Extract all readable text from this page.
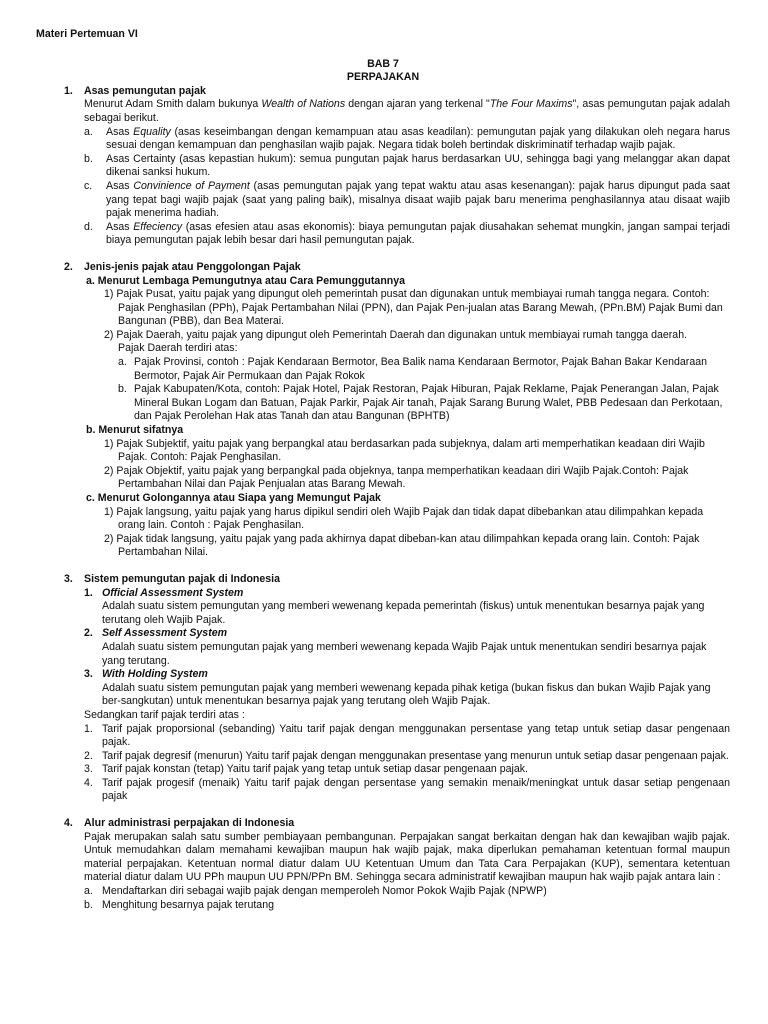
Materi Pertemuan VI
BAB 7
PERPAJAKAN
1.	Asas pemungutan pajak

Menurut Adam Smith dalam bukunya Wealth of Nations dengan ajaran yang terkenal "The Four Maxims", asas pemungutan pajak adalah sebagai berikut.

a.	Asas Equality (asas keseimbangan dengan kemampuan atau asas keadilan): pemungutan pajak yang dilakukan oleh negara harus sesuai dengan kemampuan dan penghasilan wajib pajak. Negara tidak boleh bertindak diskriminatif terhadap wajib pajak.
b.	Asas Certainty (asas kepastian hukum): semua pungutan pajak harus berdasarkan UU, sehingga bagi yang melanggar akan dapat dikenai sanksi hukum.
c.	Asas Convinience of Payment (asas pemungutan pajak yang tepat waktu atau asas kesenangan): pajak harus dipungut pada saat yang tepat bagi wajib pajak (saat yang paling baik), misalnya disaat wajib pajak baru menerima penghasilannya atau disaat wajib pajak menerima hadiah.
d.	Asas Effeciency (asas efesien atau asas ekonomis): biaya pemungutan pajak diusahakan sehemat mungkin, jangan sampai terjadi biaya pemungutan pajak lebih besar dari hasil pemungutan pajak.
2.	Jenis-jenis pajak atau Penggolongan Pajak
a. Menurut Lembaga Pemungutnya atau Cara Pemunggutannya
1) Pajak Pusat, yaitu pajak yang dipungut oleh pemerintah pusat dan digunakan untuk membiayai rumah tangga negara. Contoh: Pajak Penghasilan (PPh), Pajak Pertambahan Nilai (PPN), dan Pajak Pen-jualan atas Barang Mewah, (PPn.BM) Pajak Bumi dan Bangunan (PBB), dan Bea Materai.
2) Pajak Daerah, yaitu pajak yang dipungut oleh Pemerintah Daerah dan digunakan untuk membiayai rumah tangga daerah.
Pajak Daerah terdiri atas:
a. Pajak Provinsi, contoh : Pajak Kendaraan Bermotor, Bea Balik nama Kendaraan Bermotor, Pajak Bahan Bakar Kendaraan Bermotor, Pajak Air Permukaan dan Pajak Rokok
b. Pajak Kabupaten/Kota, contoh: Pajak Hotel, Pajak Restoran, Pajak Hiburan, Pajak Reklame, Pajak Penerangan Jalan, Pajak Mineral Bukan Logam dan Batuan, Pajak Parkir, Pajak Air tanah, Pajak Sarang Burung Walet, PBB Pedesaan dan Perkotaan, dan Pajak Perolehan Hak atas Tanah dan atau Bangunan (BPHTB)
b. Menurut sifatnya
1) Pajak Subjektif, yaitu pajak yang berpangkal atau berdasarkan pada subjeknya, dalam arti memperhatikan keadaan diri Wajib Pajak. Contoh: Pajak Penghasilan.
2) Pajak Objektif, yaitu pajak yang berpangkal pada objeknya, tanpa memperhatikan keadaan diri Wajib Pajak.Contoh: Pajak Pertambahan Nilai dan Pajak Penjualan atas Barang Mewah.
c. Menurut Golongannya atau Siapa yang Memungut Pajak
1) Pajak langsung, yaitu pajak yang harus dipikul sendiri oleh Wajib Pajak dan tidak dapat dibebankan atau dilimpahkan kepada orang lain. Contoh : Pajak Penghasilan.
2) Pajak tidak langsung, yaitu pajak yang pada akhirnya dapat dibeban-kan atau dilimpahkan kepada orang lain. Contoh: Pajak Pertambahan Nilai.
3.	Sistem pemungutan pajak di Indonesia
1. Official Assessment System
Adalah suatu sistem pemungutan yang memberi wewenang kepada pemerintah (fiskus) untuk menentukan besarnya pajak yang terutang oleh Wajib Pajak.
2. Self Assessment System
Adalah suatu sistem pemungutan pajak yang memberi wewenang kepada Wajib Pajak untuk menentukan sendiri besarnya pajak yang terutang.
3. With Holding System
Adalah suatu sistem pemungutan pajak yang memberi wewenang kepada pihak ketiga (bukan fiskus dan bukan Wajib Pajak yang ber-sangkutan) untuk menentukan besarnya pajak yang terutang oleh Wajib Pajak.
Sedangkan tarif pajak terdiri atas :
1. Tarif pajak proporsional (sebanding) Yaitu tarif pajak dengan menggunakan persentase yang tetap untuk setiap dasar pengenaan pajak.
2. Tarif pajak degresif (menurun) Yaitu tarif pajak dengan menggunakan presentase yang menurun untuk setiap dasar pengenaan pajak.
3. Tarif pajak konstan (tetap) Yaitu tarif pajak yang tetap untuk setiap dasar pengenaan pajak.
4. Tarif pajak progesif (menaik) Yaitu tarif pajak dengan persentase yang semakin menaik/meningkat untuk dasar setiap pengenaan pajak
4.	Alur administrasi perpajakan di Indonesia

Pajak merupakan salah satu sumber pembiayaan pembangunan. Perpajakan sangat berkaitan dengan hak dan kewajiban wajib pajak. Untuk memudahkan dalam memahami kewajiban maupun hak wajib pajak, maka diperlukan pemahaman ketentuan formal maupun material perpajakan. Ketentuan normal diatur dalam UU Ketentuan Umum dan Tata Cara Perpajakan (KUP), sementara ketentuan material diatur dalam UU PPh maupun UU PPN/PPn BM. Sehingga secara administratif kewajiban maupun hak wajib pajak antara lain :

a. Mendaftarkan diri sebagai wajib pajak dengan memperoleh Nomor Pokok Wajib Pajak (NPWP)
b. Menghitung besarnya pajak terutang
